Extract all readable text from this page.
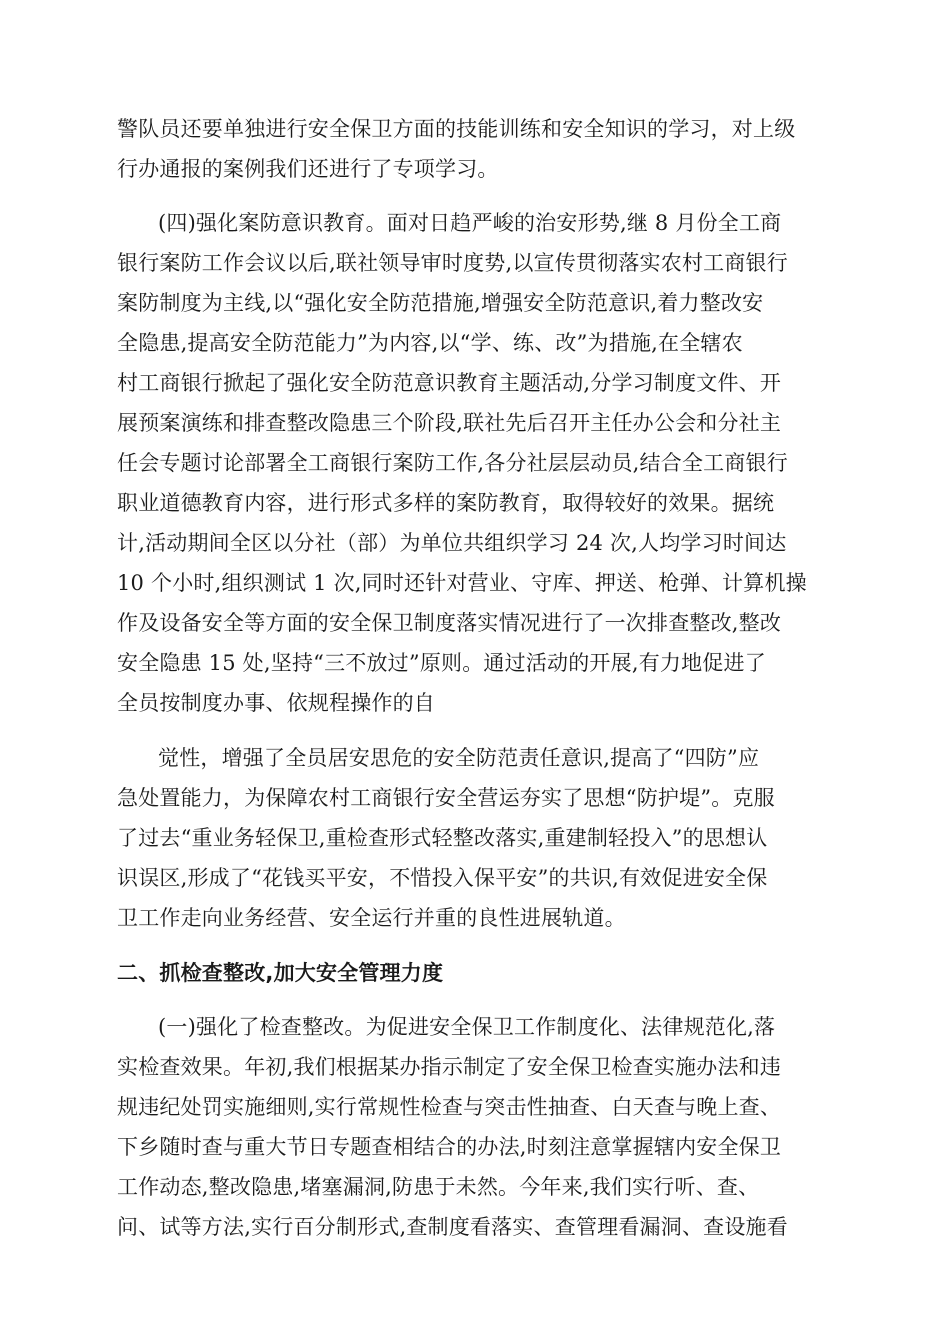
警队员还要单独进行安全保卫方面的技能训练和安全知识的学习，对上级
行办通报的案例我们还进行了专项学习。
(四)强化案防意识教育。面对日趋严峻的治安形势,继 8 月份全工商
银行案防工作会议以后,联社领导审时度势,以宣传贯彻落实农村工商银行
案防制度为主线,以“强化安全防范措施,增强安全防范意识,着力整改安
全隐患,提高安全防范能力”为内容,以“学、练、改”为措施,在全辖农
村工商银行掀起了强化安全防范意识教育主题活动,分学习制度文件、开
展预案演练和排查整改隐患三个阶段,联社先后召开主任办公会和分社主
任会专题讨论部署全工商银行案防工作,各分社层层动员,结合全工商银行
职业道德教育内容，进行形式多样的案防教育，取得较好的效果。据统
计,活动期间全区以分社（部）为单位共组织学习 24 次,人均学习时间达
10 个小时,组织测试 1 次,同时还针对营业、守库、押送、枪弹、计算机操
作及设备安全等方面的安全保卫制度落实情况进行了一次排查整改,整改
安全隐患 15 处,坚持“三不放过”原则。通过活动的开展,有力地促进了
全员按制度办事、依规程操作的自
觉性，增强了全员居安思危的安全防范责任意识,提高了“四防”应
急处置能力，为保障农村工商银行安全营运夯实了思想“防护堤”。克服
了过去“重业务轻保卫,重检查形式轻整改落实,重建制轻投入”的思想认
识误区,形成了“花钱买平安，不惜投入保平安”的共识,有效促进安全保
卫工作走向业务经营、安全运行并重的良性进展轨道。
二、抓检查整改,加大安全管理力度
(一)强化了检查整改。为促进安全保卫工作制度化、法律规范化,落
实检查效果。年初,我们根据某办指示制定了安全保卫检查实施办法和违
规违纪处罚实施细则,实行常规性检查与突击性抽查、白天查与晚上查、
下乡随时查与重大节日专题查相结合的办法,时刻注意掌握辖内安全保卫
工作动态,整改隐患,堵塞漏洞,防患于未然。今年来,我们实行听、查、
问、试等方法,实行百分制形式,查制度看落实、查管理看漏洞、查设施看
